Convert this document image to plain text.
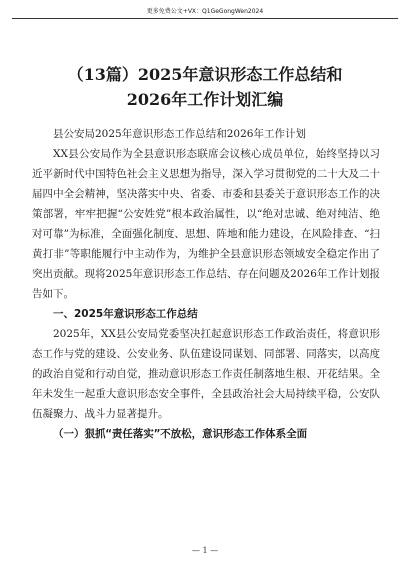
更多免费公文+VX：Q1GeGongWen2024
（13篇）2025年意识形态工作总结和
2026年工作计划汇编

县公安局2025年意识形态工作总结和2026年工作计划

XX县公安局作为全县意识形态联席会议核心成员单位，始终坚持以习近平新时代中国特色社会主义思想为指导，深入学习贯彻党的二十大及二十届四中全会精神，坚决落实中央、省委、市委和县委关于意识形态工作的决策部署，牢牢把握“公安姓党”根本政治属性，以“绝对忠诚、绝对纯洁、绝对可靠”为标准，全面强化制度、思想、阵地和能力建设，在风险排查、“扫黄打非”等职能履行中主动作为，为维护全县意识形态领域安全稳定作出了突出贡献。现将2025年意识形态工作总结、存在问题及2026年工作计划报告如下。

一、2025年意识形态工作总结

2025年，XX县公安局党委坚决扛起意识形态工作政治责任，将意识形态工作与党的建设、公安业务、队伍建设同谋划、同部署、同落实，以高度的政治自觉和行动自觉，推动意识形态工作责任制落地生根、开花结果。全年未发生一起重大意识形态安全事件，全县政治社会大局持续平稳，公安队伍凝聚力、战斗力显著提升。

（一）狠抓“责任落实”不放松，意识形态工作体系全面
— 1 —
